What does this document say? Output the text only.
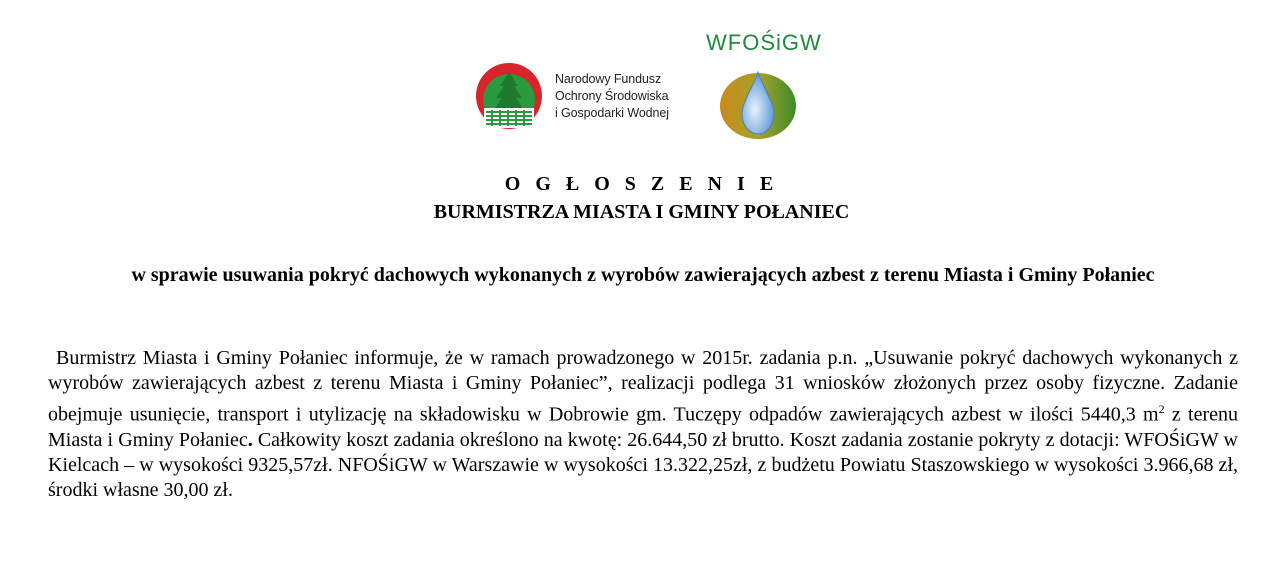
Narodowy Fundusz
Ochrony Środowiska
i Gospodarki Wodnej
WFOŚiGW
O G Ł O S Z E N I E
BURMISTRZA MIASTA I GMINY POŁANIEC
w sprawie usuwania pokryć dachowych wykonanych z wyrobów zawierających azbest z terenu Miasta i Gminy Połaniec

Burmistrz Miasta i Gminy Połaniec informuje, że w ramach prowadzonego w 2015r. zadania p.n. „Usuwanie pokryć dachowych wykonanych z wyrobów zawierających azbest z terenu Miasta i Gminy Połaniec”, realizacji podlega 31 wniosków złożonych przez osoby fizyczne. Zadanie obejmuje usunięcie, transport i utylizację na składowisku w Dobrowie gm. Tuczępy odpadów zawierających azbest w ilości 5440,3 $m^2$ z terenu Miasta i Gminy Połaniec. Całkowity koszt zadania określono na kwotę: 26.644,50 zł brutto. Koszt zadania zostanie pokryty z dotacji: WFOŚiGW w Kielcach – w wysokości 9325,57zł. NFOŚiGW w Warszawie w wysokości 13.322,25zł, z budżetu Powiatu Staszowskiego w wysokości 3.966,68 zł, środki własne 30,00 zł.
